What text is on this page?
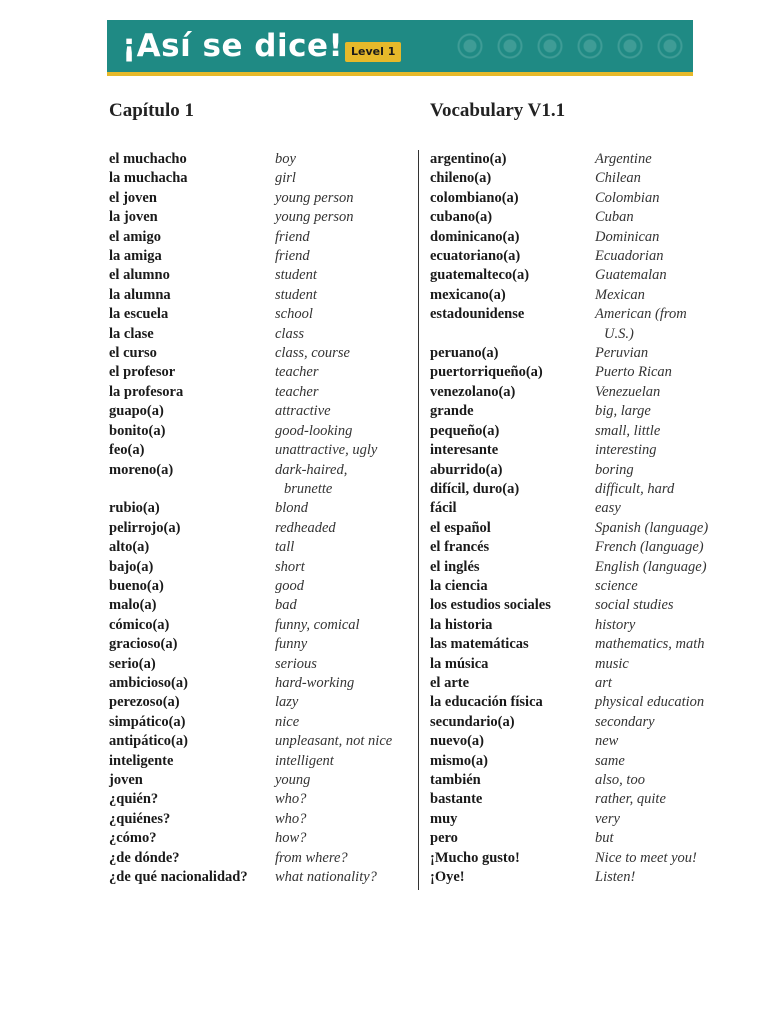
¡Así se dice! Level 1
Capítulo 1	Vocabulary V1.1
el muchacho	boy
la muchacha	girl
el joven	young person
la joven	young person
el amigo	friend
la amiga	friend
el alumno	student
la alumna	student
la escuela	school
la clase	class
el curso	class, course
el profesor	teacher
la profesora	teacher
guapo(a)	attractive
bonito(a)	good-looking
feo(a)	unattractive, ugly
moreno(a)	dark-haired,
brunette
rubio(a)	blond
pelirrojo(a)	redheaded
alto(a)	tall
bajo(a)	short
bueno(a)	good
malo(a)	bad
cómico(a)	funny, comical
gracioso(a)	funny
serio(a)	serious
ambicioso(a)	hard-working
perezoso(a)	lazy
simpático(a)	nice
antipático(a)	unpleasant, not nice
inteligente	intelligent
joven	young
¿quién?	who?
¿quiénes?	who?
¿cómo?	how?
¿de dónde?	from where?
¿de qué nacionalidad?	what nationality?
argentino(a)	Argentine
chileno(a)	Chilean
colombiano(a)	Colombian
cubano(a)	Cuban
dominicano(a)	Dominican
ecuatoriano(a)	Ecuadorian
guatemalteco(a)	Guatemalan
mexicano(a)	Mexican
estadounidense	American (from
U.S.)
peruano(a)	Peruvian
puertorriqueño(a)	Puerto Rican
venezolano(a)	Venezuelan
grande	big, large
pequeño(a)	small, little
interesante	interesting
aburrido(a)	boring
difícil, duro(a)	difficult, hard
fácil	easy
el español	Spanish (language)
el francés	French (language)
el inglés	English (language)
la ciencia	science
los estudios sociales	social studies
la historia	history
las matemáticas	mathematics, math
la música	music
el arte	art
la educación física	physical education
secundario(a)	secondary
nuevo(a)	new
mismo(a)	same
también	also, too
bastante	rather, quite
muy	very
pero	but
¡Mucho gusto!	Nice to meet you!
¡Oye!	Listen!
